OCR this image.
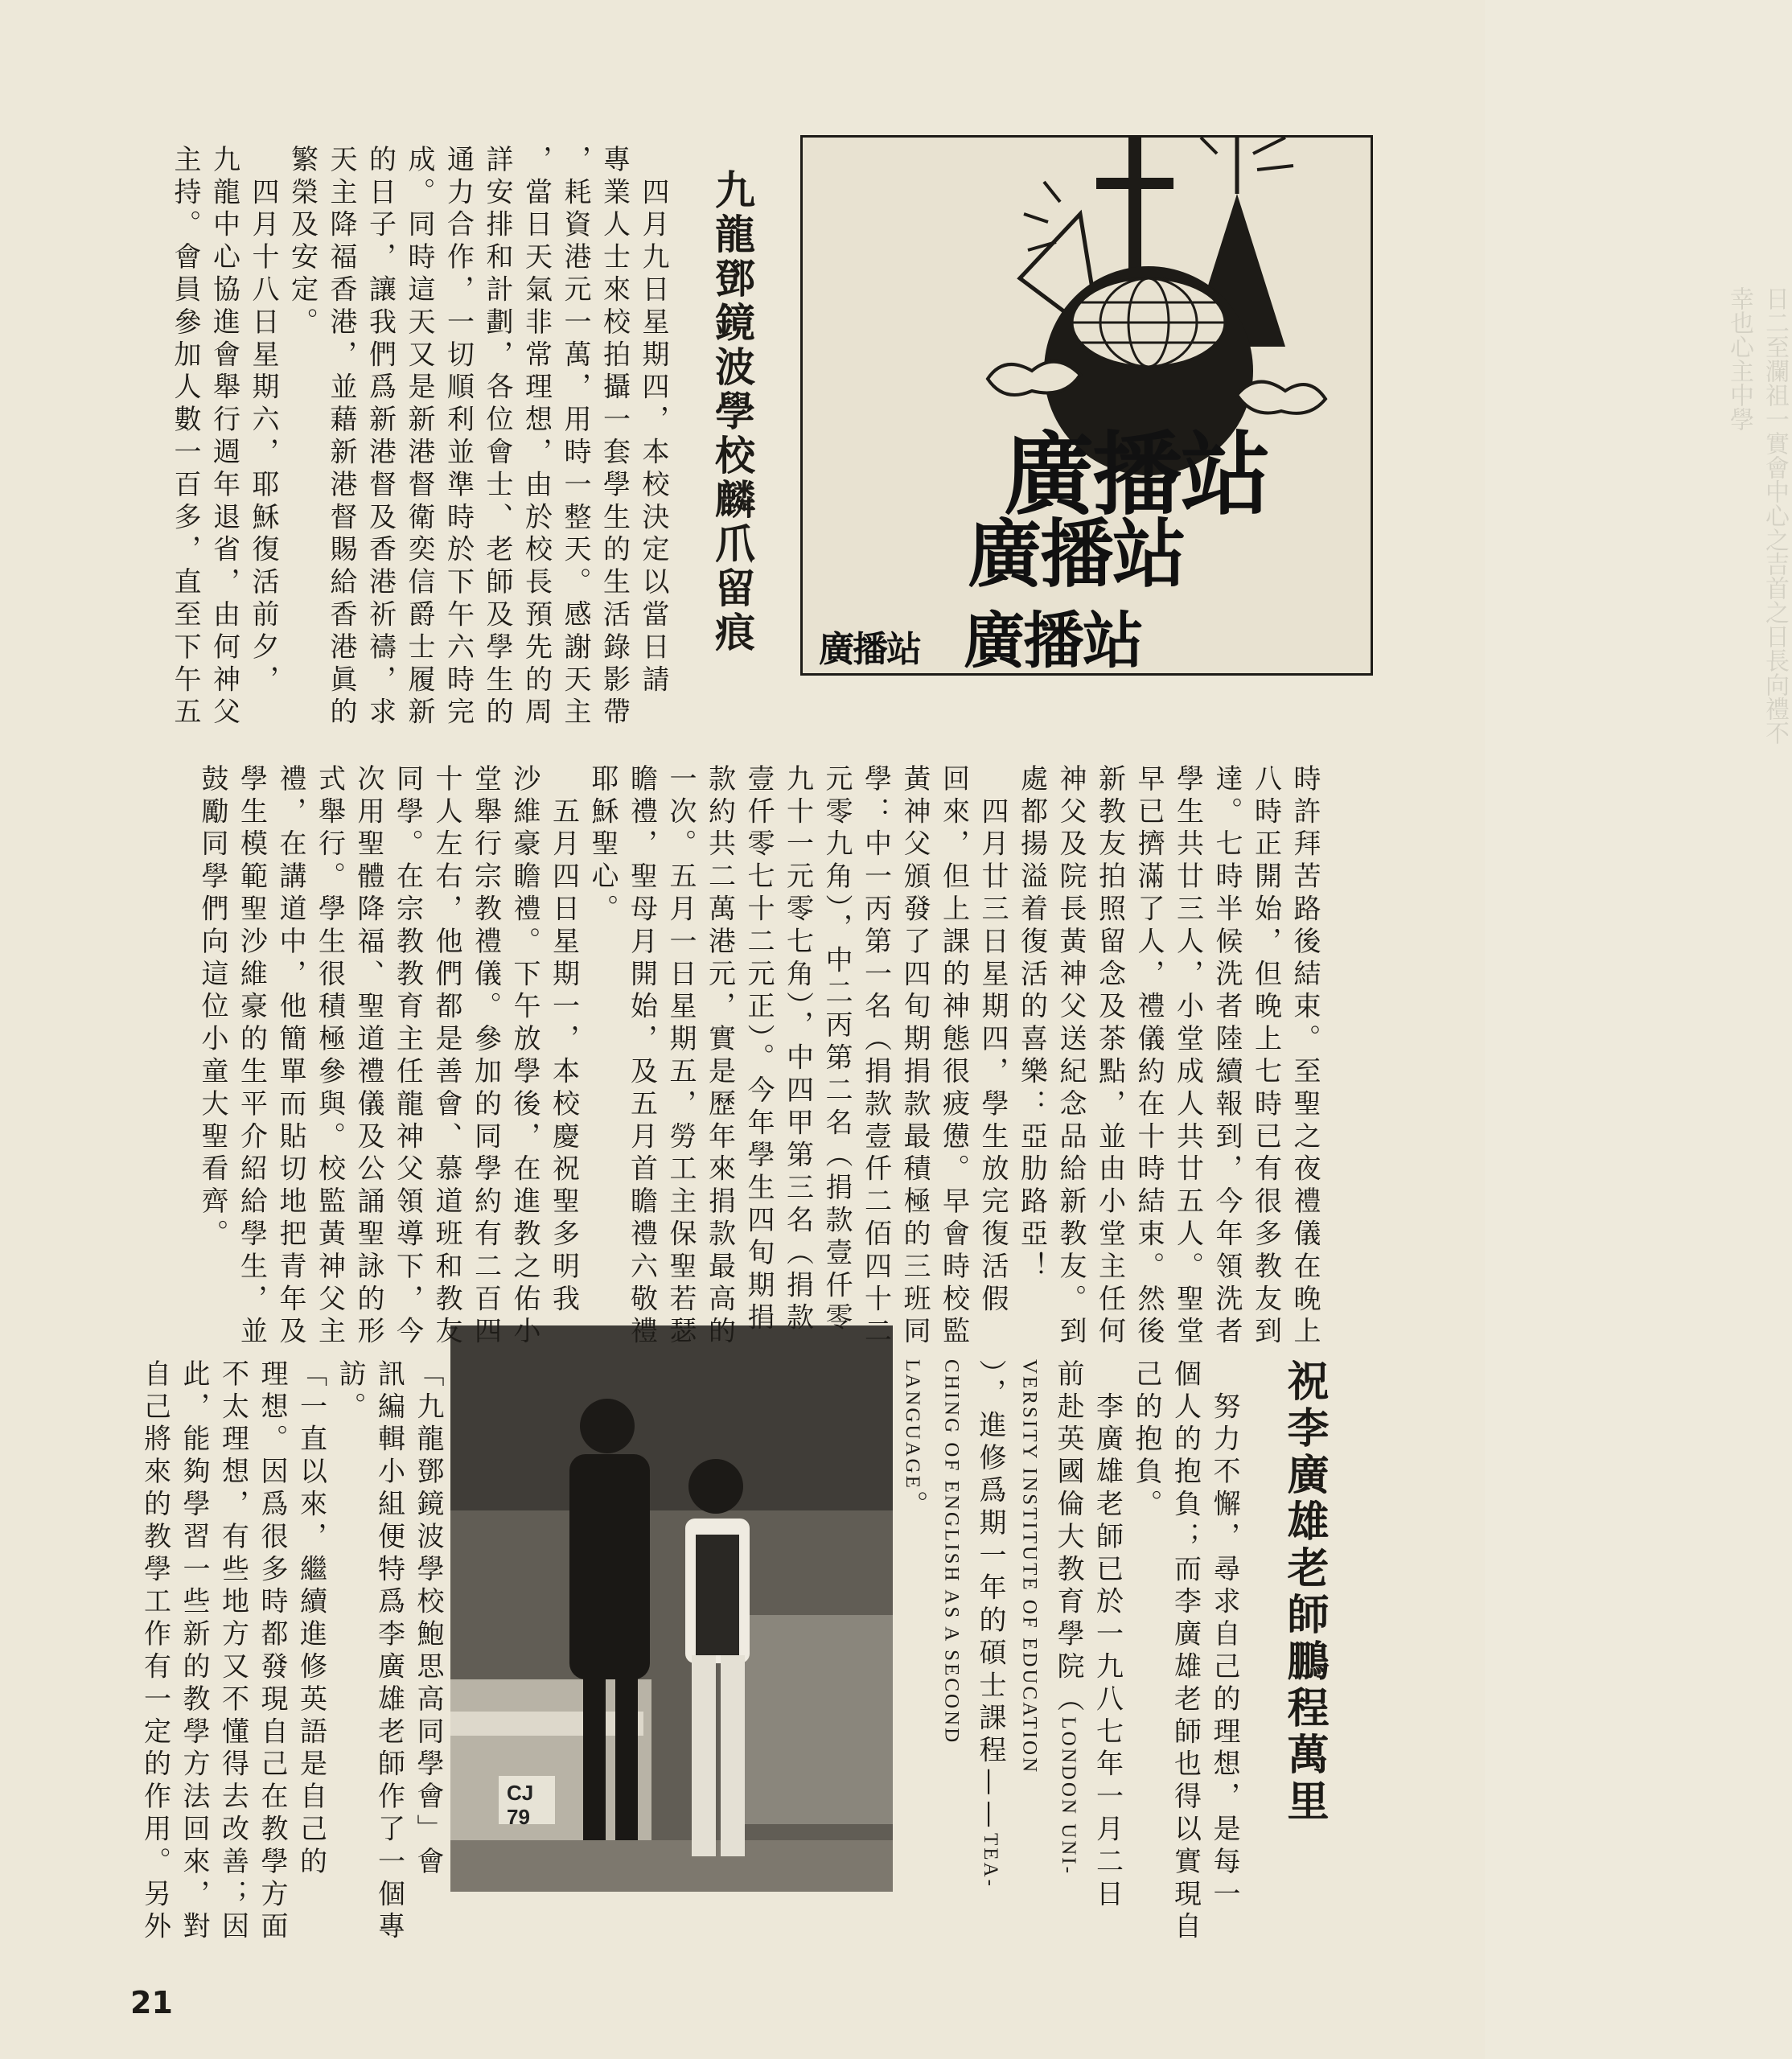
日二至瀾祖一實會中心之吉首之日長向禮不幸也心主中學
廣播站
廣播站
廣播站
廣播站
CJ
79
九龍鄧鏡波學校麟爪留痕
　四月九日星期四，本校決定以當日請
專業人士來校拍攝一套學生的生活錄影帶
，耗資港元一萬，用時一整天。感謝天主
，當日天氣非常理想，由於校長預先的周
詳安排和計劃，各位會士、老師及學生的
通力合作，一切順利並準時於下午六時完
成。同時這天又是新港督衛奕信爵士履新
的日子，讓我們爲新港督及香港祈禱，求
天主降福香港，並藉新港督賜給香港眞的
繁榮及安定。
　四月十八日星期六，耶穌復活前夕，
九龍中心協進會舉行週年退省，由何神父
主持。會員參加人數一百多，直至下午五
時許拜苦路後結束。至聖之夜禮儀在晚上
八時正開始，但晚上七時已有很多教友到
達。七時半候洗者陸續報到，今年領洗者
學生共廿三人，小堂成人共廿五人。聖堂
早已擠滿了人，禮儀約在十時結束。然後
新教友拍照留念及茶點，並由小堂主任何
神父及院長黃神父送紀念品給新教友。到
處都揚溢着復活的喜樂：亞肋路亞！
　四月廿三日星期四，學生放完復活假
回來，但上課的神態很疲憊。早會時校監
黃神父頒發了四旬期捐款最積極的三班同
學：中一丙第一名（捐款壹仟二佰四十二
元零九角），中二丙第二名（捐款壹仟零
九十一元零七角），中四甲第三名（捐款
壹仟零七十二元正）。今年學生四旬期捐
款約共二萬港元，實是歷年來捐款最高的
一次。五月一日星期五，勞工主保聖若瑟
瞻禮，聖母月開始，及五月首瞻禮六敬禮
耶穌聖心。
　五月四日星期一，本校慶祝聖多明我
沙維豪瞻禮。下午放學後，在進教之佑小
堂舉行宗教禮儀。參加的同學約有二百四
十人左右，他們都是善會、慕道班和教友
同學。在宗教教育主任龍神父領導下，今
次用聖體降福、聖道禮儀及公誦聖詠的形
式舉行。學生很積極參與。校監黃神父主
禮，在講道中，他簡單而貼切地把青年及
學生模範聖沙維豪的生平介紹給學生，並
鼓勵同學們向這位小童大聖看齊。
祝李廣雄老師鵬程萬里
　努力不懈，尋求自己的理想，是每一
個人的抱負；而李廣雄老師也得以實現自
己的抱負。
　李廣雄老師已於一九八七年一月二日
前赴英國倫大教育學院（LONDON UNI-
VERSITY INSTITUTE OF EDUCATION
），進修爲期一年的碩士課程——TEA-
CHING OF ENGLISH AS A SECOND
LANGUAGE。
「九龍鄧鏡波學校鮑思高同學會」會
訊編輯小組便特爲李廣雄老師作了一個專
訪。
「一直以來，繼續進修英語是自己的
理想。因爲很多時都發現自己在教學方面
不太理想，有些地方又不懂得去改善；因
此，能夠學習一些新的教學方法回來，對
自己將來的教學工作有一定的作用。另外
21
